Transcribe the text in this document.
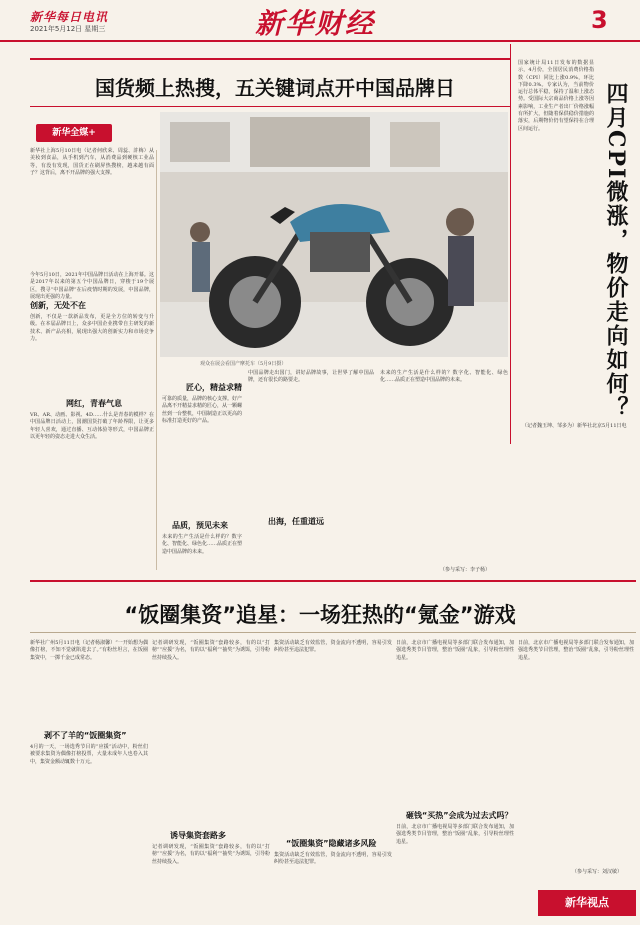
新华每日电讯
2021年5月12日 星期三	新华财经	3
国货频上热搜，五关键词点开中国品牌日
新华全媒+
新华社上海5月10日电（记者何欣荣、周蕊、許梅）从美妆到食品，从手机到汽车，从消费品到硬核工业品等，有没有发现，国货正在刷屏热搜榜，越来越有面子？这背后，离不开品牌的强大支撑。
今年5月10日，2021年中国品牌日活动在上海开幕。这是2017年以来的第五个中国品牌日，穿梭于19个展区，搜寻“中国品牌”在后疫情时期的发展，中国品牌，展现出更强的力量。
创新，无处不在
创新，不仅是一款新品发布，更是全方位的转变与升级。在本届品牌日上，众多中国企业携带自主研发的新技术、新产品亮相，展现出强大的创新实力和市场竞争力。
网红，青春气息
VR、AR、动画、影视、4D……什么是青春的模样？在中国品牌日活动上，国潮国货打破了年龄界限，让更多年轻人喜欢，通过直播、互动体验等形式，中国品牌正以更年轻的姿态走进大众生活。
观众在展会看国产摩托车（5月9日摄）
匠心，精益求精
可靠的质量，品牌的核心支撑。好产品离不开精益求精的匠心，从一颗螺丝到一台整机，中国制造正以更高的标准打造更好的产品。
品质，预见未来
未来的生产生活是什么样的？数字化、智能化、绿色化……品质正在塑造中国品牌的未来。
中国品牌走出国门，讲好品牌故事，让世界了解中国品牌，还有很长的路要走。
出海，任重道远
未来的生产生活是什么样的？数字化、智能化、绿色化……品质正在塑造中国品牌的未来。
（参与采写：李子杨）
国家统计局11日发布的数据显示，4月份，全国居民消费价格指数（CPI）同比上涨0.9%，环比下降0.3%。专家认为，当前物价运行总体平稳，保持了温和上涨态势。受国际大宗商品价格上涨等因素影响，工业生产者出厂价格涨幅有所扩大，但随着保供稳价措施的落实，后期物价仍有望保持在合理区间运行。
（记者魏玉坤、邹多为）新华社北京5月11日电
四月CPI微涨，物价走向如何？
“饭圈集资”追星：一场狂热的“氪金”游戏
新华社广州5月11日电（记者杨淑馨）“一开始想为偶像打榜，不知不觉就陷进去了。”有粉丝坦言，在饭圈集资中，一掷千金已成常态。
剥不了羊的“饭圈集资”
4月的一天，一场选秀节目的“应援”活动中，粉丝们被要求集资为偶像打榜投票，大量未成年人也卷入其中，集资金额动辄数十万元。
记者调研发现，“饭圈集资”套路较多，有的以“打榜”“应援”为名，有的以“福利”“抽奖”为诱饵，引导粉丝持续投入。
诱导集资套路多
记者调研发现，“饭圈集资”套路较多，有的以“打榜”“应援”为名，有的以“福利”“抽奖”为诱饵，引导粉丝持续投入。
集资活动缺乏有效监管，资金流向不透明，容易引发纠纷甚至违法犯罪。
“饭圈集资”隐藏诸多风险
集资活动缺乏有效监管，资金流向不透明，容易引发纠纷甚至违法犯罪。
日前，北京市广播电视局等多部门联合发布通知，加强选秀类节目管理，整治“饭圈”乱象，引导粉丝理性追星。
砸钱“买热”会成为过去式吗？
日前，北京市广播电视局等多部门联合发布通知，加强选秀类节目管理，整治“饭圈”乱象，引导粉丝理性追星。
日前，北京市广播电视局等多部门联合发布通知，加强选秀类节目管理，整治“饭圈”乱象，引导粉丝理性追星。
（参与采写：刘汉敏）
新华视点
